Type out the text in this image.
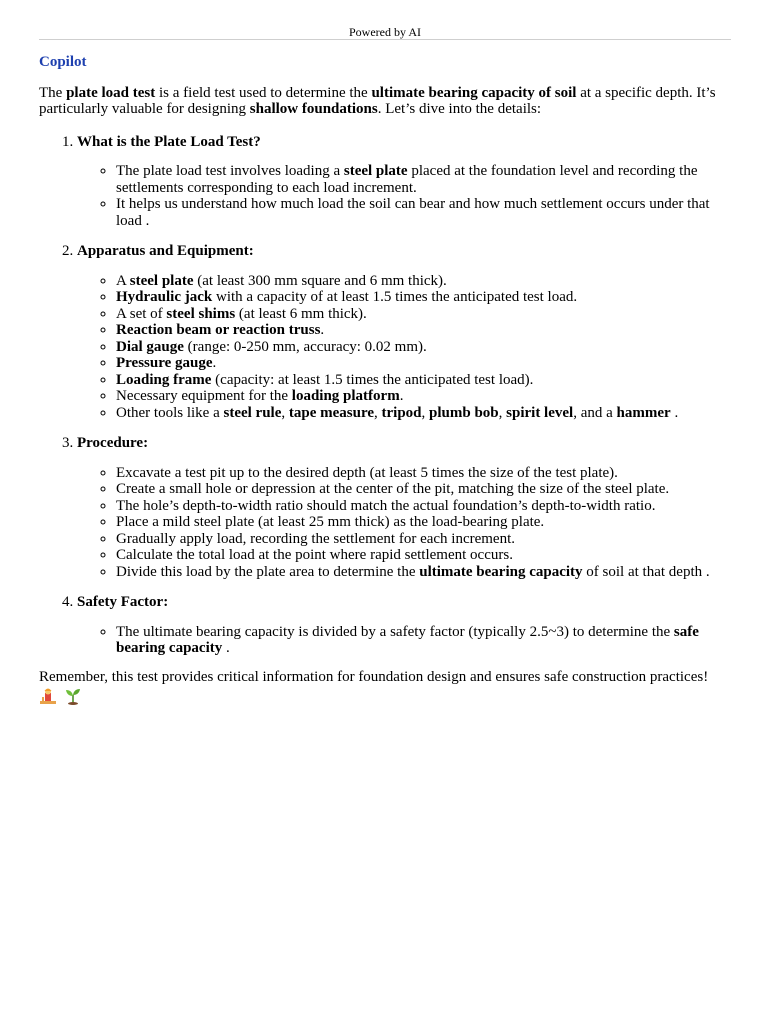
Powered by AI
Copilot

The plate load test is a field test used to determine the ultimate bearing capacity of soil at a specific depth. It’s particularly valuable for designing shallow foundations. Let’s dive into the details:

1. What is the Plate Load Test?
◦ The plate load test involves loading a steel plate placed at the foundation level and recording the settlements corresponding to each load increment.
◦ It helps us understand how much load the soil can bear and how much settlement occurs under that load .
2. Apparatus and Equipment:
◦ A steel plate (at least 300 mm square and 6 mm thick).
◦ Hydraulic jack with a capacity of at least 1.5 times the anticipated test load.
◦ A set of steel shims (at least 6 mm thick).
◦ Reaction beam or reaction truss.
◦ Dial gauge (range: 0-250 mm, accuracy: 0.02 mm).
◦ Pressure gauge.
◦ Loading frame (capacity: at least 1.5 times the anticipated test load).
◦ Necessary equipment for the loading platform.
◦ Other tools like a steel rule, tape measure, tripod, plumb bob, spirit level, and a hammer .
3. Procedure:
◦ Excavate a test pit up to the desired depth (at least 5 times the size of the test plate).
◦ Create a small hole or depression at the center of the pit, matching the size of the steel plate.
◦ The hole’s depth-to-width ratio should match the actual foundation’s depth-to-width ratio.
◦ Place a mild steel plate (at least 25 mm thick) as the load-bearing plate.
◦ Gradually apply load, recording the settlement for each increment.
◦ Calculate the total load at the point where rapid settlement occurs.
◦ Divide this load by the plate area to determine the ultimate bearing capacity of soil at that depth .
4. Safety Factor:
◦ The ultimate bearing capacity is divided by a safety factor (typically 2.5~3) to determine the safe bearing capacity .

Remember, this test provides critical information for foundation design and ensures safe construction practices!
